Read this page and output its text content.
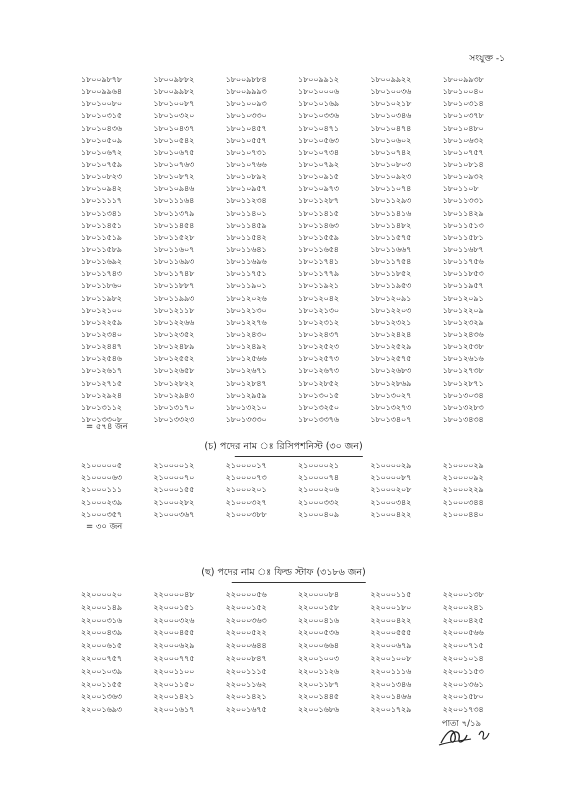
সংযুক্ত -১
১৮০০৯৮৭৮	১৮০০৯৮৮২	১৮০০৯৮৮৪	১৮০০৯৯১২	১৮০০৯৯২২	১৮০০৯৯৩৮
১৮০০৯৯৬৪	১৮০০৯৯৮২	১৮০০৯৯৯৩	১৮০১০০০৬	১৮০১০০৩৬	১৮০১০০৪০
১৮০১০০৮০	১৮০১০০৮৭	১৮০১০০৯৩	১৮০১০১৬৯	১৮০১০২১৮	১৮০১০৩১৪
১৮০১০৩১৫	১৮০১০৩২০	১৮০১০৩৩০	১৮০১০৩৩৬	১৮০১০৩৪৬	১৮০১০৩৭৮
১৮০১০৪৩৬	১৮০১০৪৩৭	১৮০১০৪৫৭	১৮০১০৪৭১	১৮০১০৪৭৪	১৮০১০৪৮০
১৮০১০৫০৯	১৮০১০৫৪২	১৮০১০৫৫৭	১৮০১০৫৬৩	১৮০১০৬০২	১৮০১০৬৩২
১৮০১০৬৭২	১৮০১০৬৭৫	১৮০১০৭৩১	১৮০১০৭৩৪	১৮০১০৭৪২	১৮০১০৭৫৭
১৮০১০৭৫৯	১৮০১০৭৬৩	১৮০১০৭৬৬	১৮০১০৭৯২	১৮০১০৮০৩	১৮০১০৮১৪
১৮০১০৮২৩	১৮০১০৮৭২	১৮০১০৮৯২	১৮০১০৯১৫	১৮০১০৯২৩	১৮০১০৯৩২
১৮০১০৯৪২	১৮০১০৯৪৬	১৮০১০৯৫৭	১৮০১০৯৭৩	১৮০১১০৭৪	১৮০১১০৮
১৮০১১১১৭	১৮০১১১৬৪	১৮০১১২৩৪	১৮০১১২৮৭	১৮০১১২৯৩	১৮০১১৩৩১
১৮০১১৩৪১	১৮০১১৩৭৯	১৮০১১৪০১	১৮০১১৪১৫	১৮০১১৪১৬	১৮০১১৪২৯
১৮০১১৪৫১	১৮০১১৪৫৪	১৮০১১৪৫৯	১৮০১১৪৬৩	১৮০১১৪৮২	১৮০১১৫১৩
১৮০১১৫১৯	১৮০১১৫২৮	১৮০১১৫৪২	১৮০১১৫৫৯	১৮০১১৫৭৫	১৮০১১৫৮১
১৮০১১৫৮৯	১৮০১১৬০৭	১৮০১১৬৪১	১৮০১১৬৫৪	১৮০১১৬৬৭	১৮০১১৬৮৭
১৮০১১৬৯২	১৮০১১৬৯৩	১৮০১১৬৯৬	১৮০১১৭৪১	১৮০১১৭৫৪	১৮০১১৭৫৬
১৮০১১৭৪৩	১৮০১১৭৪৮	১৮০১১৭৫১	১৮০১১৭৭৯	১৮০১১৮৫২	১৮০১১৮৫৩
১৮০১১৮৬০	১৮০১১৮৮৭	১৮০১১৯০১	১৮০১১৯২১	১৮০১১৯৫৩	১৮০১১৯৫৭
১৮০১১৯৮২	১৮০১১৯৯৩	১৮০১২০২৬	১৮০১২০৪২	১৮০১২০৯১	১৮০১২০৯১
১৮০১২১০০	১৮০১২১১৮	১৮০১২১৩০	১৮০১২১৩০	১৮০১২২০৩	১৮০১২২০৯
১৮০১২২৫৯	১৮০১২২৬৬	১৮০১২২৭৬	১৮০১২৩১২	১৮০১২৩২১	১৮০১২৩২৯
১৮০১২৩৪০	১৮০১২৩৫২	১৮০১২৪৩০	১৮০১২৪৩৭	১৮০১২৪২৪	১৮০১২৪৩৬
১৮০১২৪৪৭	১৮০১২৪৮৯	১৮০১২৪৯২	১৮০১২৫২৩	১৮০১২৫২৯	১৮০১২৫৩৮
১৮০১২৫৪৬	১৮০১২৫৫২	১৮০১২৫৬৬	১৮০১২৫৭৩	১৮০১২৫৭৫	১৮০১২৬১৬
১৮০১২৬১৭	১৮০১২৬৫৮	১৮০১২৬৭১	১৮০১২৬৭৩	১৮০১২৬৮৩	১৮০১২৭৩৮
১৮০১২৭১৫	১৮০১২৮২২	১৮০১২৮৪৭	১৮০১২৮৫২	১৮০১২৮৬৯	১৮০১২৮৭১
১৮০১২৯২৪	১৮০১২৯৪৩	১৮০১২৯৫৯	১৮০১৩০১৫	১৮০১৩০২৭	১৮০১৩০৩৪
১৮০১৩১১২	১৮০১৩১৭০	১৮০১৩২১০	১৮০১৩২৫০	১৮০১৩২৭৩	১৮০১৩২৮৩
১৮০১৩৩০৮	১৮০১৩৩২৩	১৮০১৩৩৩০	১৮০১৩৩৭৬	১৮০১৩৪০৭	১৮০১৩৪৩৪
= ৫৭৪ জন
(চ) পদের নাম ঃ রিসিপশনিস্ট (৩০ জন)
২১০০০০০৫	২১০০০০১২	২১০০০০১৭	২১০০০০২১	২১০০০০২৯	২১০০০০২৯
২১০০০০৬৩	২১০০০০৭০	২১০০০০৭৩	২১০০০০৭৪	২১০০০০৮৭	২১০০০০৯২
২১০০০১১১	২১০০০১৫৫	২১০০০২০১	২১০০০২০৬	২১০০০২০৮	২১০০০২২৯
২১০০০২৩৯	২১০০০২৮২	২১০০০৩২৭	২১০০০৩৩২	২১০০০৩৪২	২১০০০৩৪৪
২১০০০৩৫৭	২১০০০৩৬৭	২১০০০৩৮৮	২১০০০৪০৯	২১০০০৪২২	২১০০০৪৪০
= ৩০ জন
(ছ) পদের নাম ঃ ফিল্ড স্টাফ (৩১৮৬ জন)
২২০০০০২০	২২০০০০৪৮	২২০০০০৫৬	২২০০০০৮৪	২২০০০১১৫	২২০০০১৩৮
২২০০০১৪৯	২২০০০১৫১	২২০০০১৫২	২২০০০১৫৮	২২০০০১৮০	২২০০০২৪১
২২০০০৩১৬	২২০০০৩২৬	২২০০০৩৬৩	২২০০০৪১৬	২২০০০৪২২	২২০০০৪২৫
২২০০০৪৩৯	২২০০০৪৫৫	২২০০০৫২২	২২০০০৫৩৬	২২০০০৫৫৫	২২০০০৫৬৬
২২০০০৬১৫	২২০০০৬২৯	২২০০০৬৪৪	২২০০০৬৬৪	২২০০০৬৭৯	২২০০০৭১৫
২২০০০৭৫৭	২২০০০৭৭৫	২২০০০৮৪৭	২২০০১০০৩	২২০০১০০৮	২২০০১০১৪
২২০০১০৩৯	২২০০১১০০	২২০০১১১৫	২২০০১১২৬	২২০০১১১৬	২২০০১১৫৩
২২০০১১৫৫	২২০০১১৫০	২২০০১১৬২	২২০০১১৮৭	২২০০১৩৪৬	২২০০১৩৬১
২২০০১৩৬৩	২২০০১৪২১	২২০০১৪২১	২২০০১৪৪৫	২২০০১৪৬৬	২২০০১৫৮০
২২০০১৬৯৩	২২০০১৬১৭	২২০০১৬৭৫	২২০০১৬৮৬	২২০০১৭২৯	২২০০১৭৩৪
পাতা ৭/১৯
